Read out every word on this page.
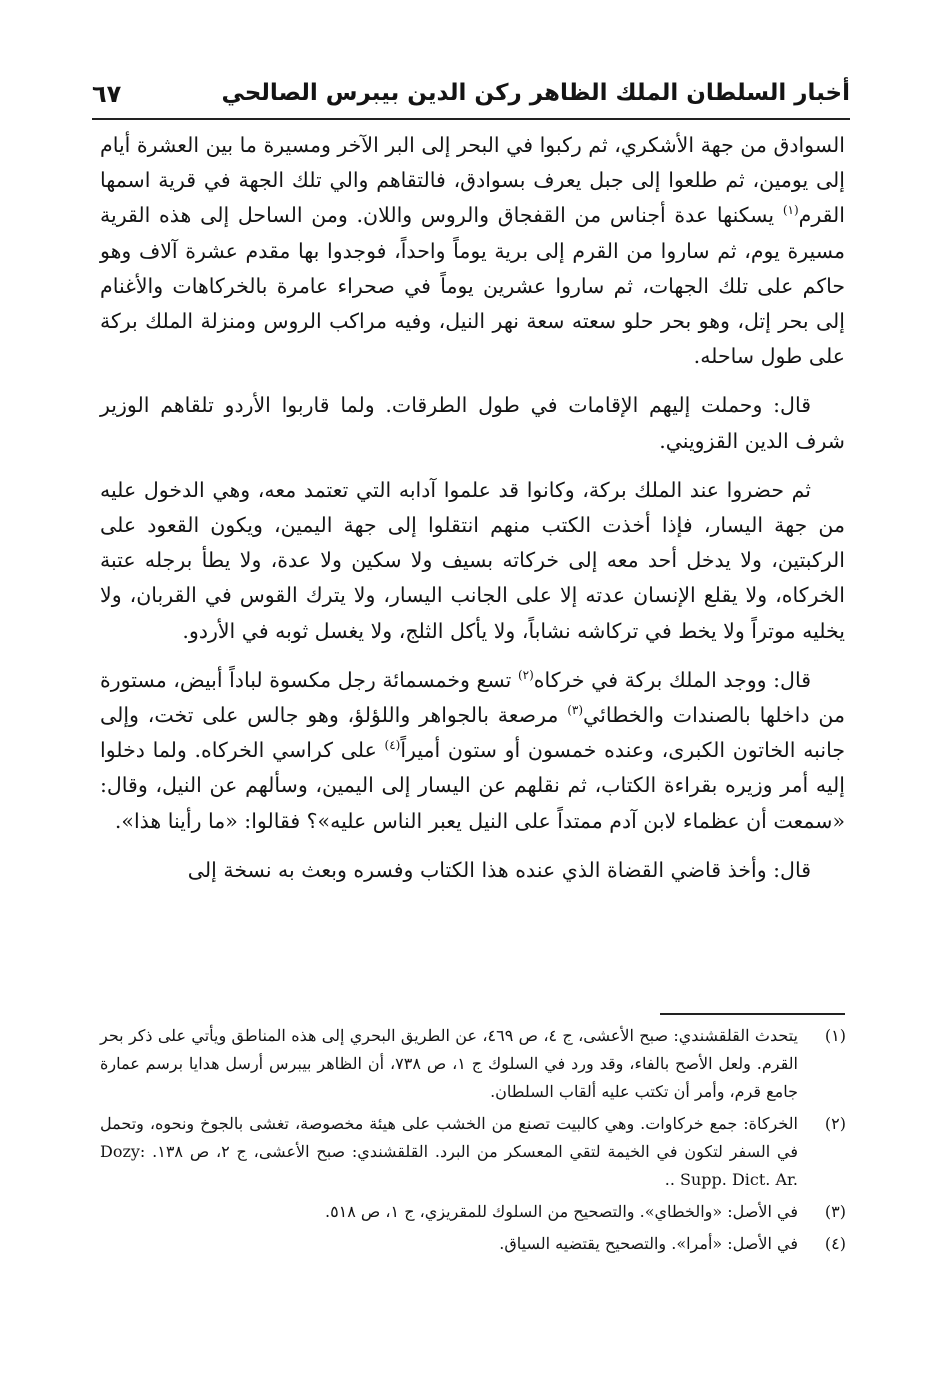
أخبار السلطان الملك الظاهر ركن الدين بيبرس الصالحي
٦٧

السوادق من جهة الأشكري، ثم ركبوا في البحر إلى البر الآخر ومسيرة ما بين العشرة أيام إلى يومين، ثم طلعوا إلى جبل يعرف بسوادق، فالتقاهم والي تلك الجهة في قرية اسمها القرم$^{(١)}$ يسكنها عدة أجناس من القفجاق والروس واللان. ومن الساحل إلى هذه القرية مسيرة يوم، ثم ساروا من القرم إلى برية يوماً واحداً، فوجدوا بها مقدم عشرة آلاف وهو حاكم على تلك الجهات، ثم ساروا عشرين يوماً في صحراء عامرة بالخركاهات والأغنام إلى بحر إتل، وهو بحر حلو سعته سعة نهر النيل، وفيه مراكب الروس ومنزلة الملك بركة على طول ساحله.

قال: وحملت إليهم الإقامات في طول الطرقات. ولما قاربوا الأردو تلقاهم الوزير شرف الدين القزويني.

ثم حضروا عند الملك بركة، وكانوا قد علموا آدابه التي تعتمد معه، وهي الدخول عليه من جهة اليسار، فإذا أخذت الكتب منهم انتقلوا إلى جهة اليمين، ويكون القعود على الركبتين، ولا يدخل أحد معه إلى خركاته بسيف ولا سكين ولا عدة، ولا يطأ برجله عتبة الخركاه، ولا يقلع الإنسان عدته إلا على الجانب اليسار، ولا يترك القوس في القربان، ولا يخليه موتراً ولا يخط في تركاشه نشاباً، ولا يأكل الثلج، ولا يغسل ثوبه في الأردو.

قال: ووجد الملك بركة في خركاه$^{(٢)}$ تسع وخمسمائة رجل مكسوة لباداً أبيض، مستورة من داخلها بالصندات والخطائي$^{(٣)}$ مرصعة بالجواهر واللؤلؤ، وهو جالس على تخت، وإلى جانبه الخاتون الكبرى، وعنده خمسون أو ستون أميراً$^{(٤)}$ على كراسي الخركاه. ولما دخلوا إليه أمر وزيره بقراءة الكتاب، ثم نقلهم عن اليسار إلى اليمين، وسألهم عن النيل، وقال: «سمعت أن عظماء لابن آدم ممتداً على النيل يعبر الناس عليه»؟ فقالوا: «ما رأينا هذا».

قال: وأخذ قاضي القضاة الذي عنده هذا الكتاب وفسره وبعث به نسخة إلى

(١)
يتحدث القلقشندي: صبح الأعشى، ج ٤، ص ٤٦٩، عن الطريق البحري إلى هذه المناطق ويأتي على ذكر بحر القرم. ولعل الأصح بالفاء، وقد ورد في السلوك ج ١، ص ٧٣٨، أن الظاهر بيبرس أرسل هدايا برسم عمارة جامع قرم، وأمر أن تكتب عليه ألقاب السلطان.
(٢)
الخركاة: جمع خركاوات. وهي كالبيت تصنع من الخشب على هيئة مخصوصة، تغشى بالجوخ ونحوه، وتحمل في السفر لتكون في الخيمة لتقي المعسكر من البرد. القلقشندي: صبح الأعشى، ج ٢، ص ١٣٨. Dozy: Supp. Dict. Ar. ..
(٣)
في الأصل: «والخطاي». والتصحيح من السلوك للمقريزي، ج ١، ص ٥١٨.
(٤)
في الأصل: «أمرا». والتصحيح يقتضيه السياق.
